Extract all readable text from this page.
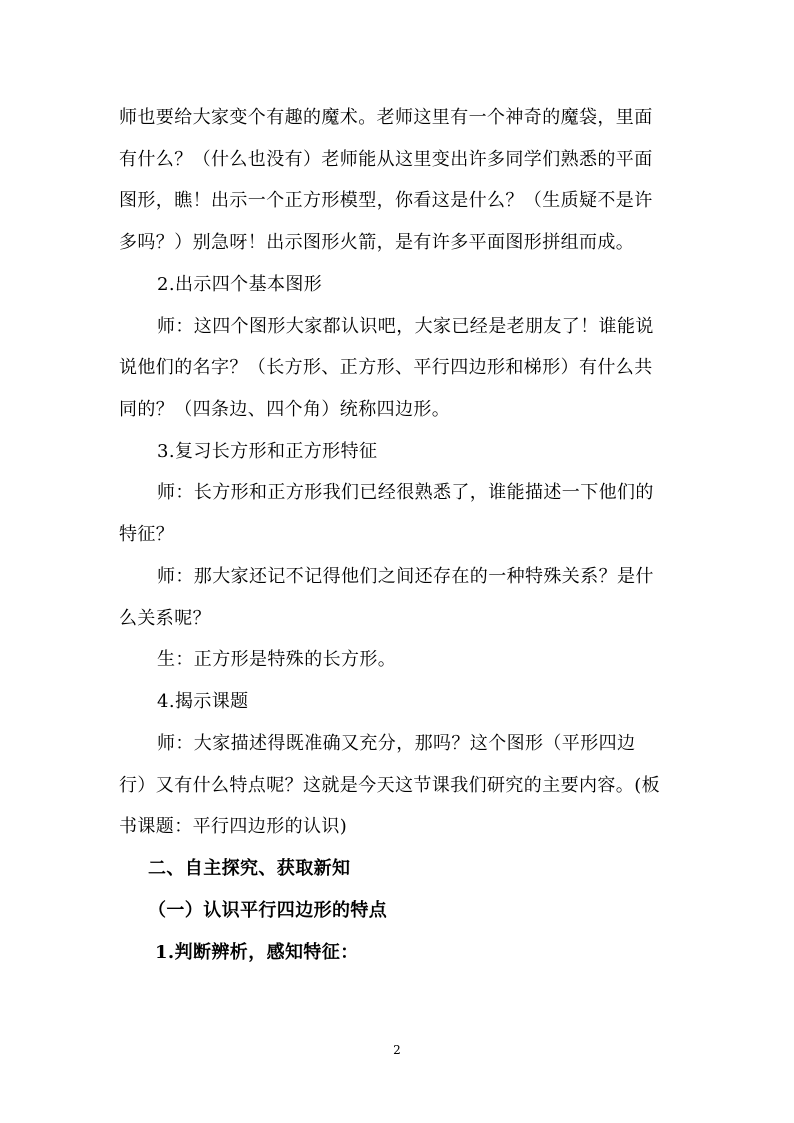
师也要给大家变个有趣的魔术。老师这里有一个神奇的魔袋，里面
有什么？（什么也没有）老师能从这里变出许多同学们熟悉的平面
图形，瞧！出示一个正方形模型，你看这是什么？（生质疑不是许
多吗？）别急呀！出示图形火箭，是有许多平面图形拼组而成。
2.出示四个基本图形
师：这四个图形大家都认识吧，大家已经是老朋友了！谁能说
说他们的名字？（长方形、正方形、平行四边形和梯形）有什么共
同的？（四条边、四个角）统称四边形。
3.复习长方形和正方形特征
师：长方形和正方形我们已经很熟悉了，谁能描述一下他们的
特征？
师：那大家还记不记得他们之间还存在的一种特殊关系？是什
么关系呢？
生：正方形是特殊的长方形。
4.揭示课题
师：大家描述得既准确又充分，那吗？这个图形（平形四边
行）又有什么特点呢？这就是今天这节课我们研究的主要内容。(板
书课题：平行四边形的认识)
二、自主探究、获取新知
（一）认识平行四边形的特点
1.判断辨析，感知特征：
2
